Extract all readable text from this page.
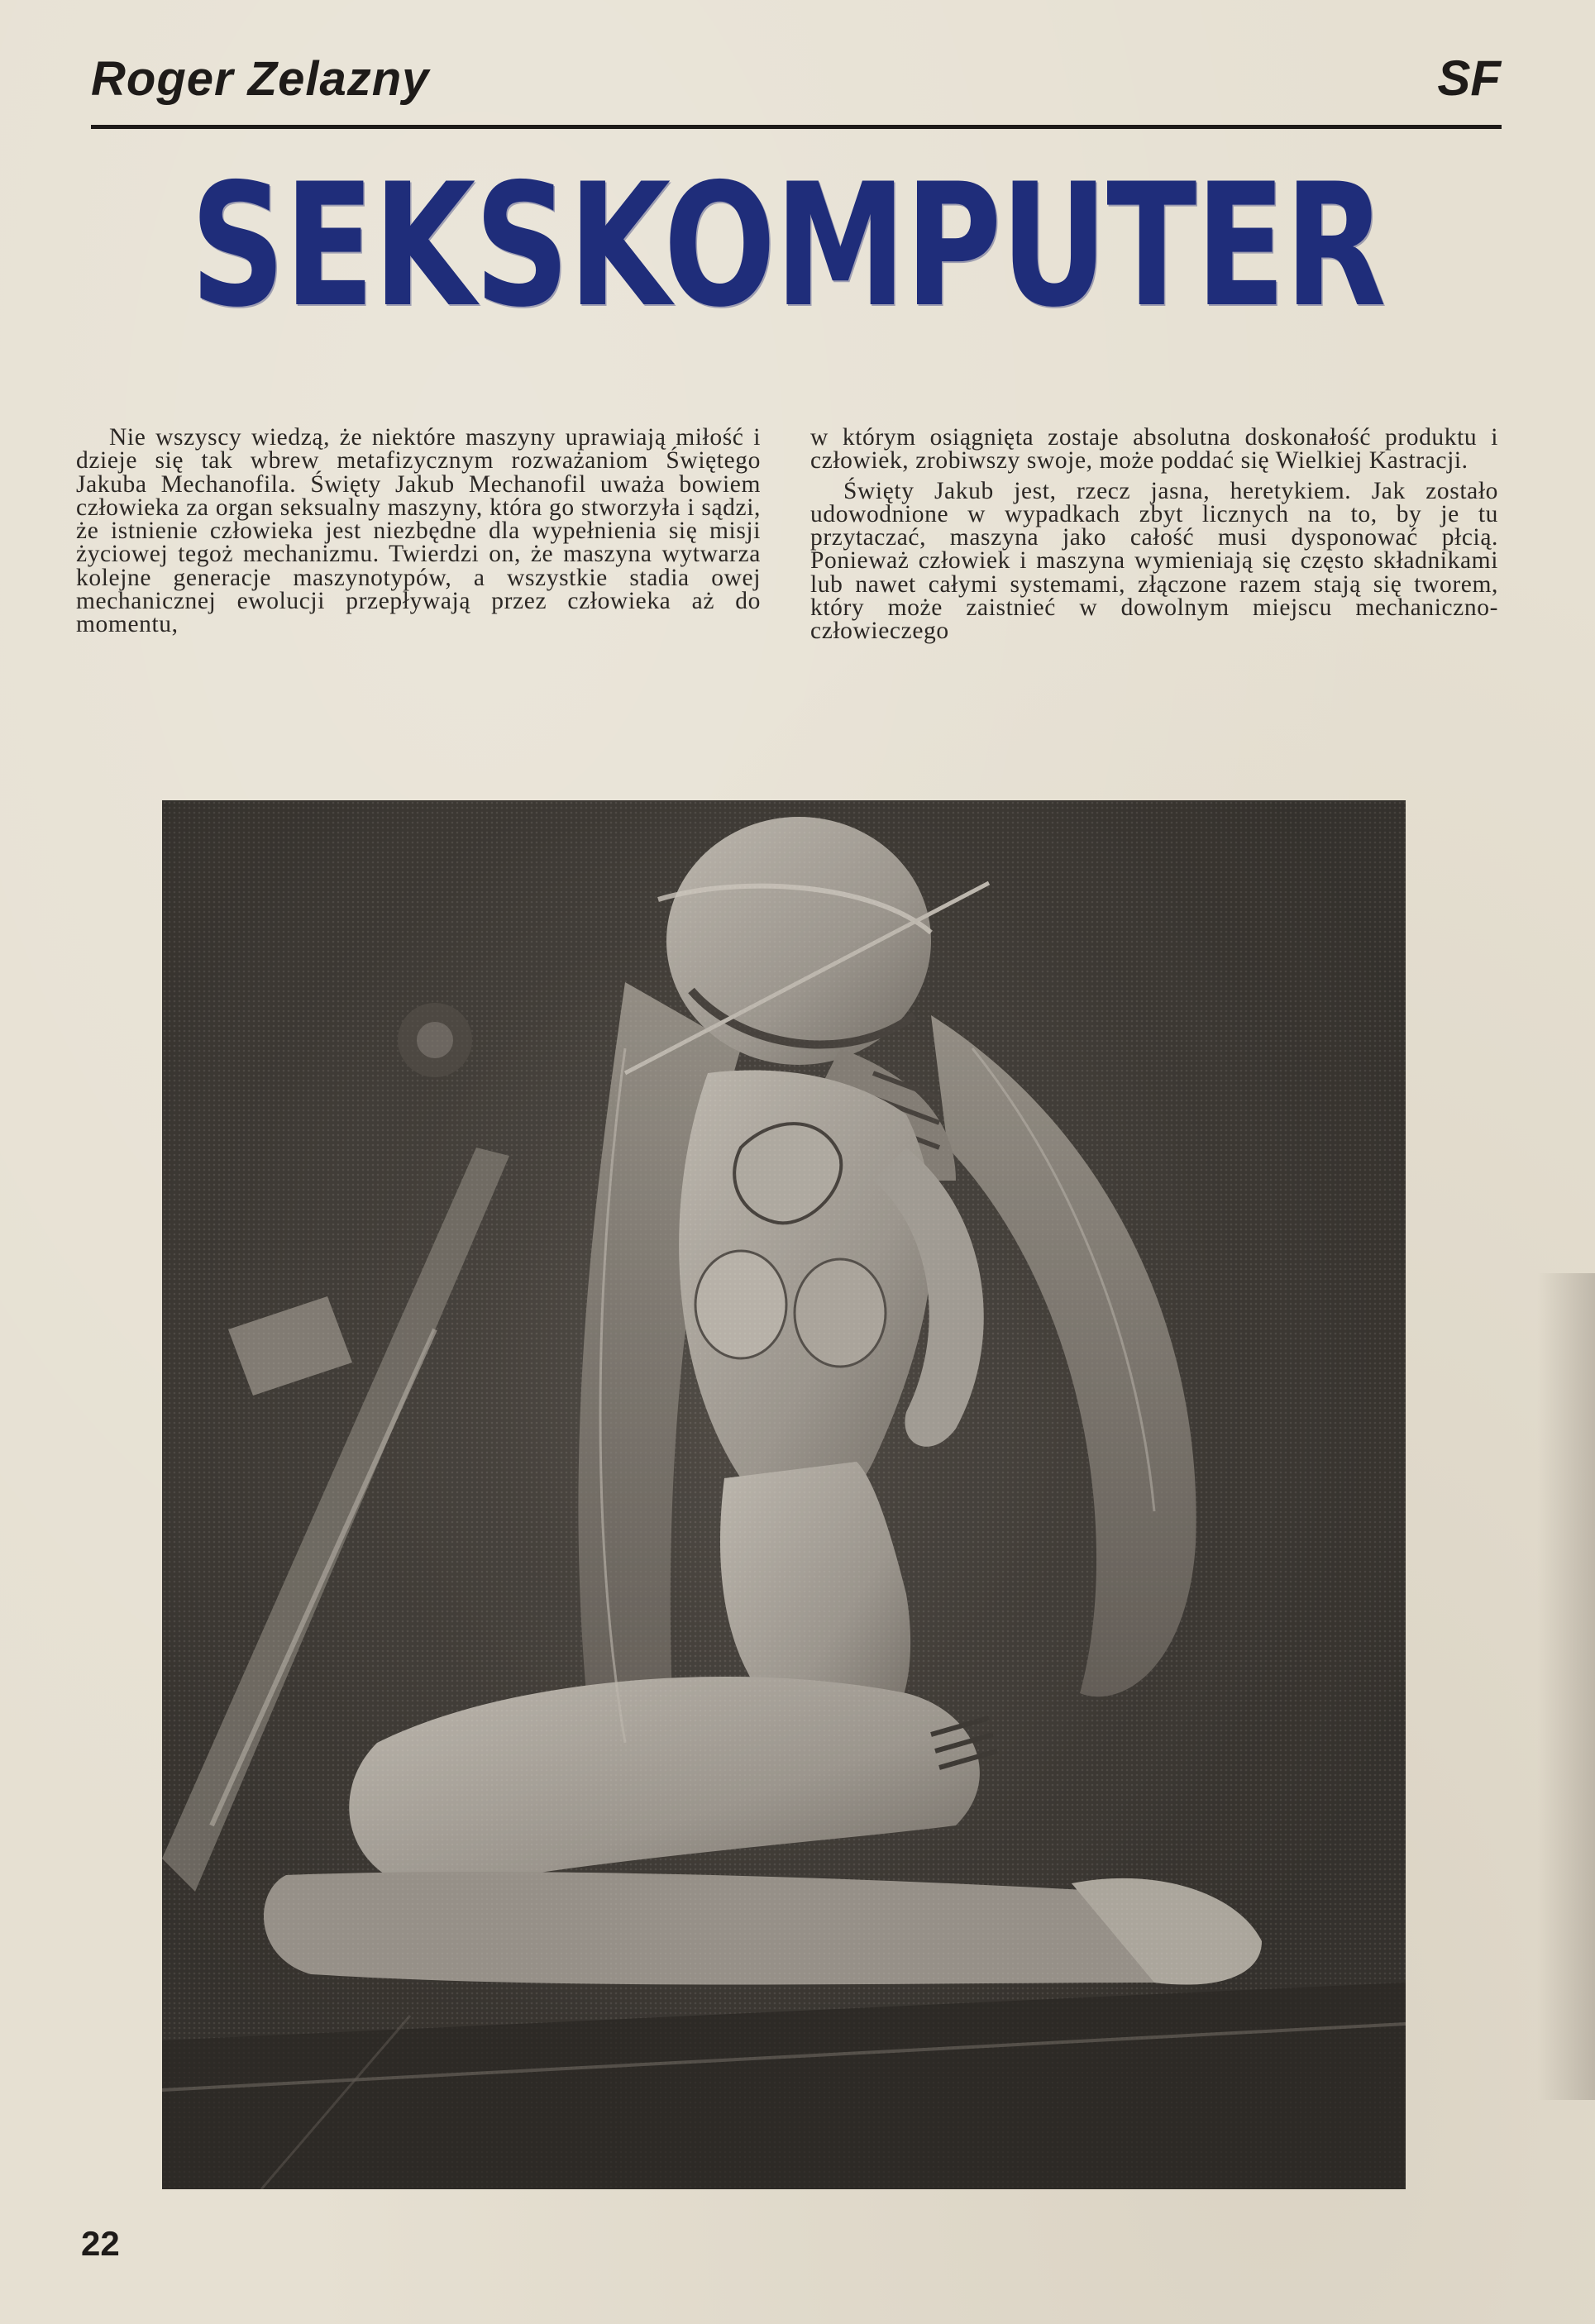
Roger Zelazny	SF
SEKSKOMPUTER

Nie wszyscy wiedzą, że niektóre maszyny uprawiają miłość i dzieje się tak wbrew metafizycznym rozważaniom Świętego Jakuba Mechanofila. Święty Jakub Mechanofil uważa bowiem człowieka za organ seksualny maszyny, która go stworzyła i sądzi, że istnienie człowieka jest niezbędne dla wypełnienia się misji życiowej tegoż mechanizmu. Twierdzi on, że maszyna wytwarza kolejne generacje maszynotypów, a wszystkie stadia owej mechanicznej ewolucji przepływają przez człowieka aż do momentu,

w którym osiągnięta zostaje absolutna doskonałość produktu i człowiek, zrobiwszy swoje, może poddać się Wielkiej Kastracji.

Święty Jakub jest, rzecz jasna, heretykiem. Jak zostało udowodnione w wypadkach zbyt licznych na to, by je tu przytaczać, maszyna jako całość musi dysponować płcią. Ponieważ człowiek i maszyna wymieniają się często składnikami lub nawet całymi systemami, złączone razem stają się tworem, który może zaistnieć w dowolnym miejscu mechaniczno-człowieczego

22
